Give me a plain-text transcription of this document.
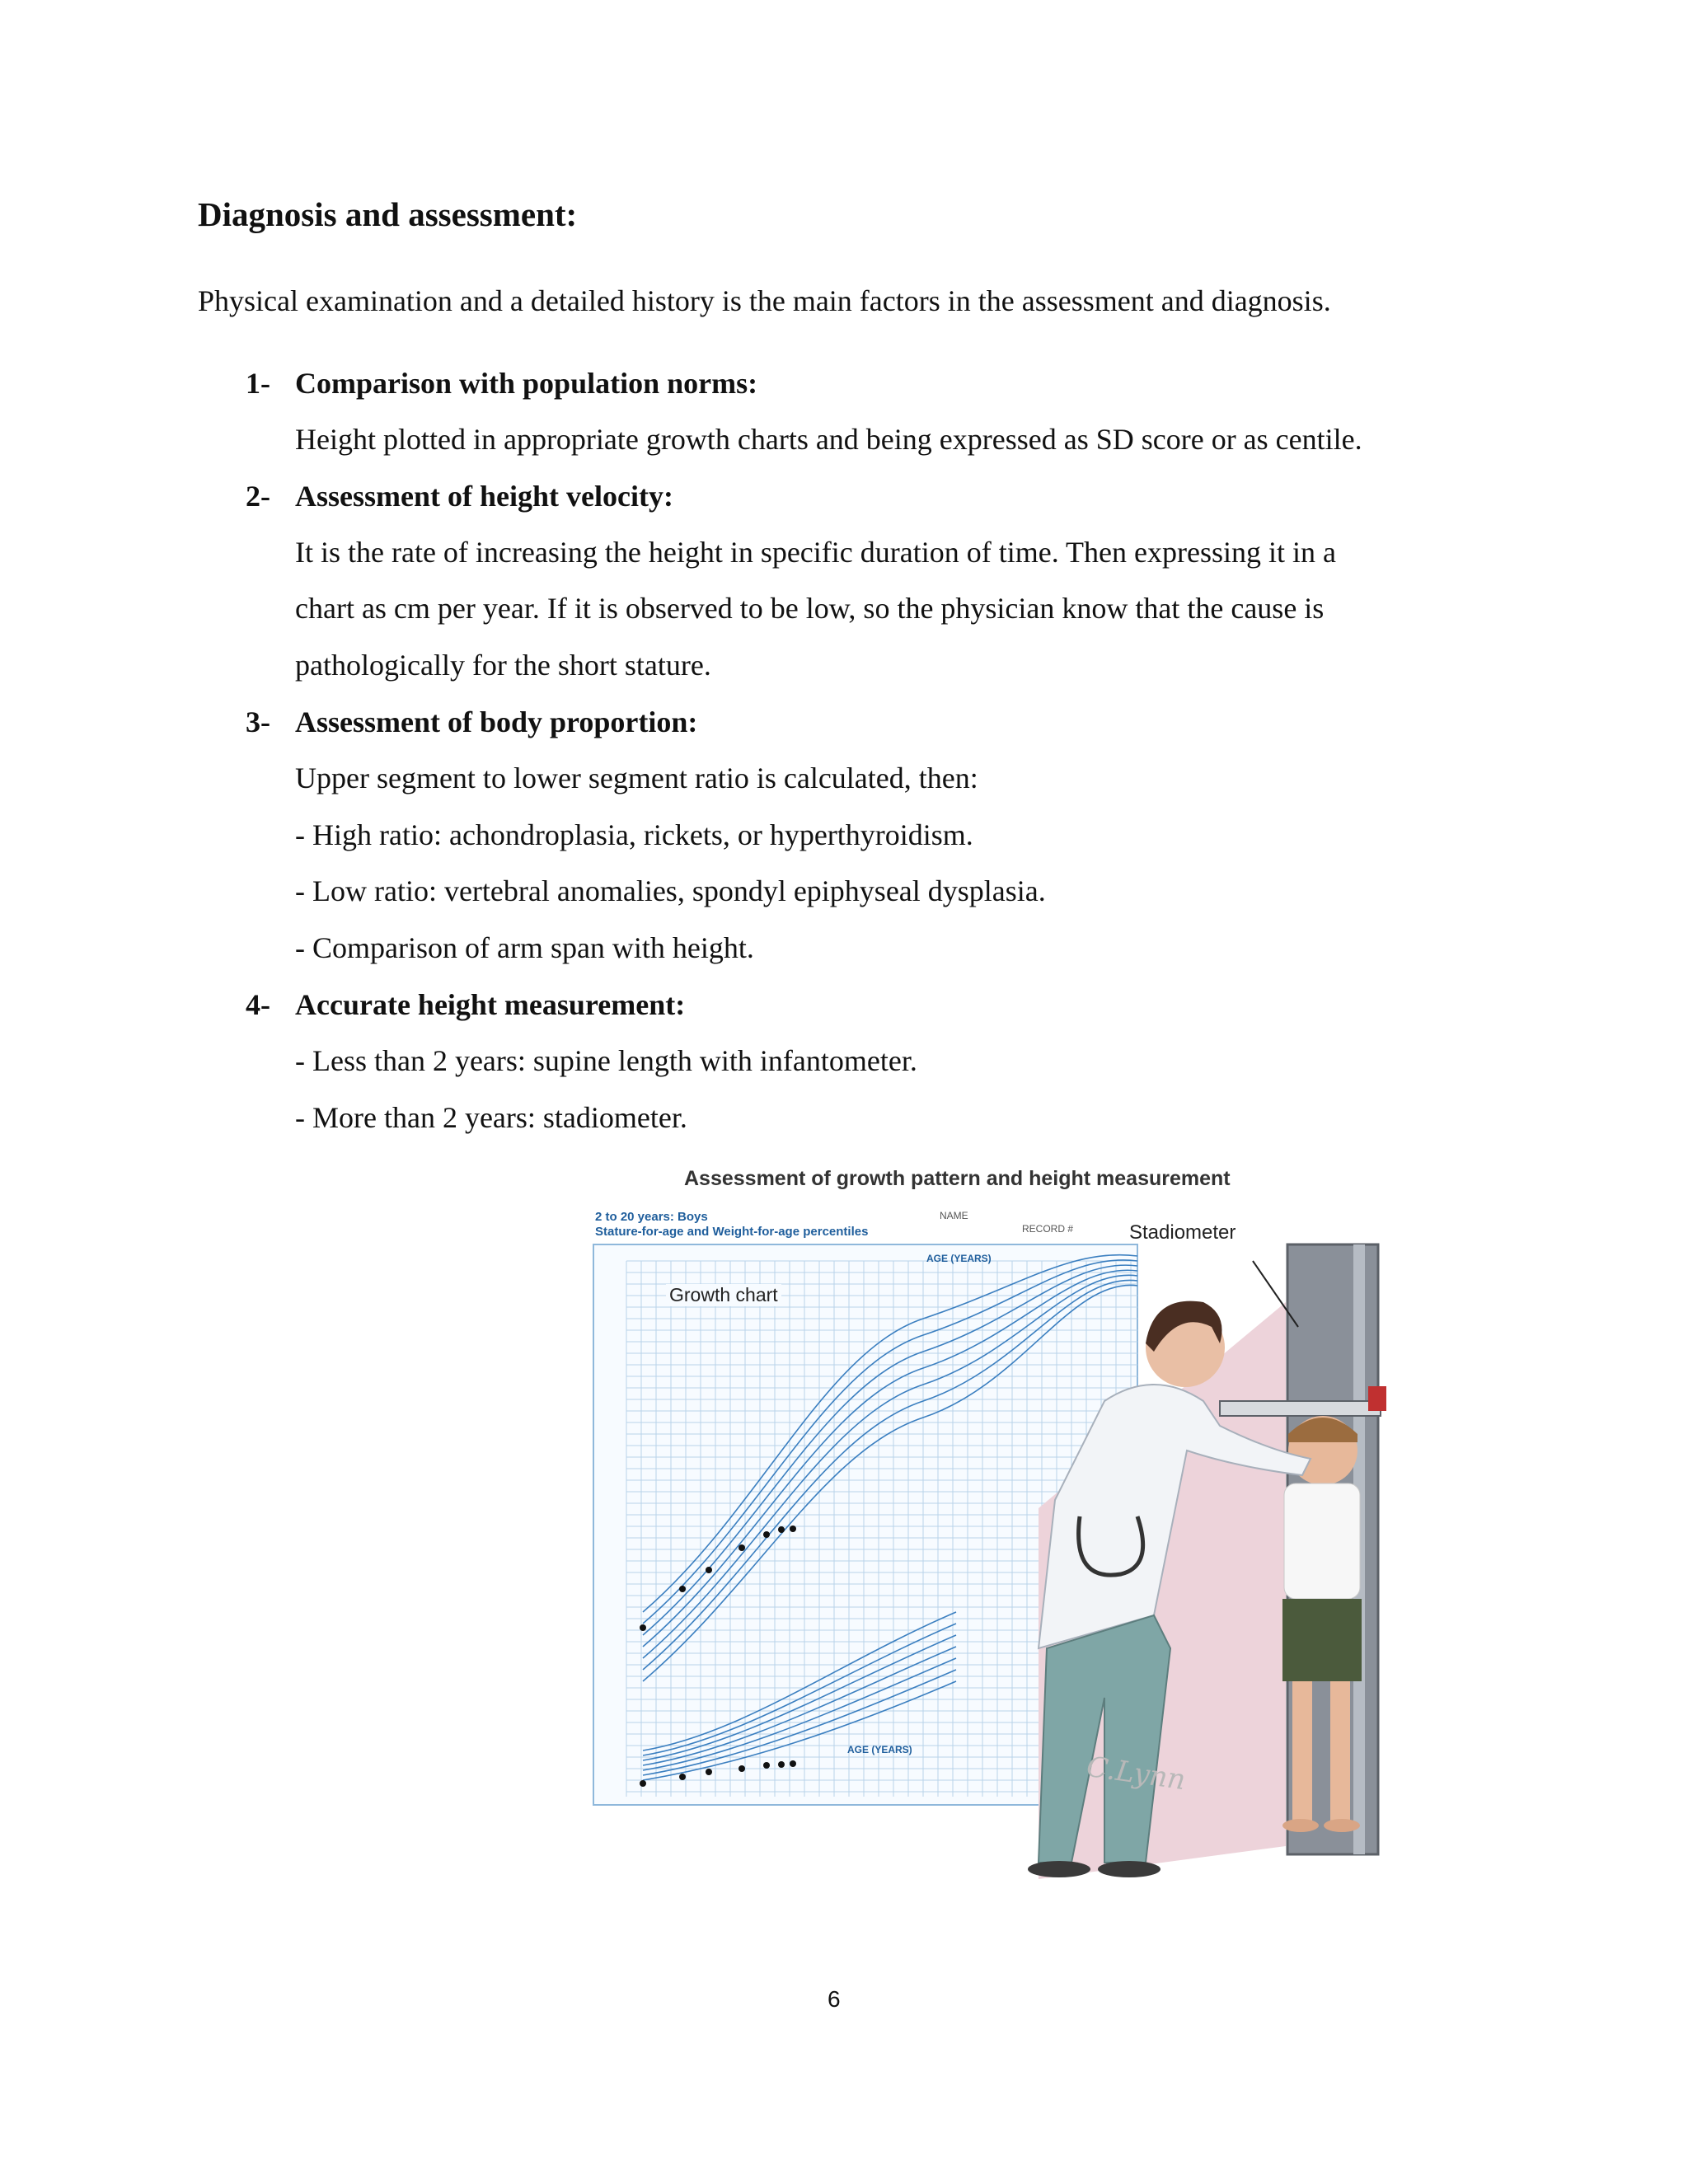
Diagnosis and assessment:

Physical examination and a detailed history is the main factors in the assessment and diagnosis.

1- Comparison with population norms:
Height plotted in appropriate growth charts and being expressed as SD score or as centile.
2- Assessment of height velocity:
It is the rate of increasing the height in specific duration of time. Then expressing it in a
chart as cm per year. If it is observed to be low, so the physician know that the cause is
pathologically for the short stature.
3- Assessment of body proportion:
Upper segment to lower segment ratio is calculated, then:
- High ratio: achondroplasia, rickets, or hyperthyroidism.
- Low ratio: vertebral anomalies, spondyl epiphyseal dysplasia.
- Comparison of arm span with height.
4- Accurate height measurement:
- Less than 2 years: supine length with infantometer.
- More than 2 years: stadiometer.
Assessment of growth pattern and height measurement
2 to 20 years: Boys
Stature-for-age and Weight-for-age percentiles
NAME
RECORD #
AGE (YEARS)
AGE (YEARS)
Growth chart
Stadiometer
C.Lynn
6
